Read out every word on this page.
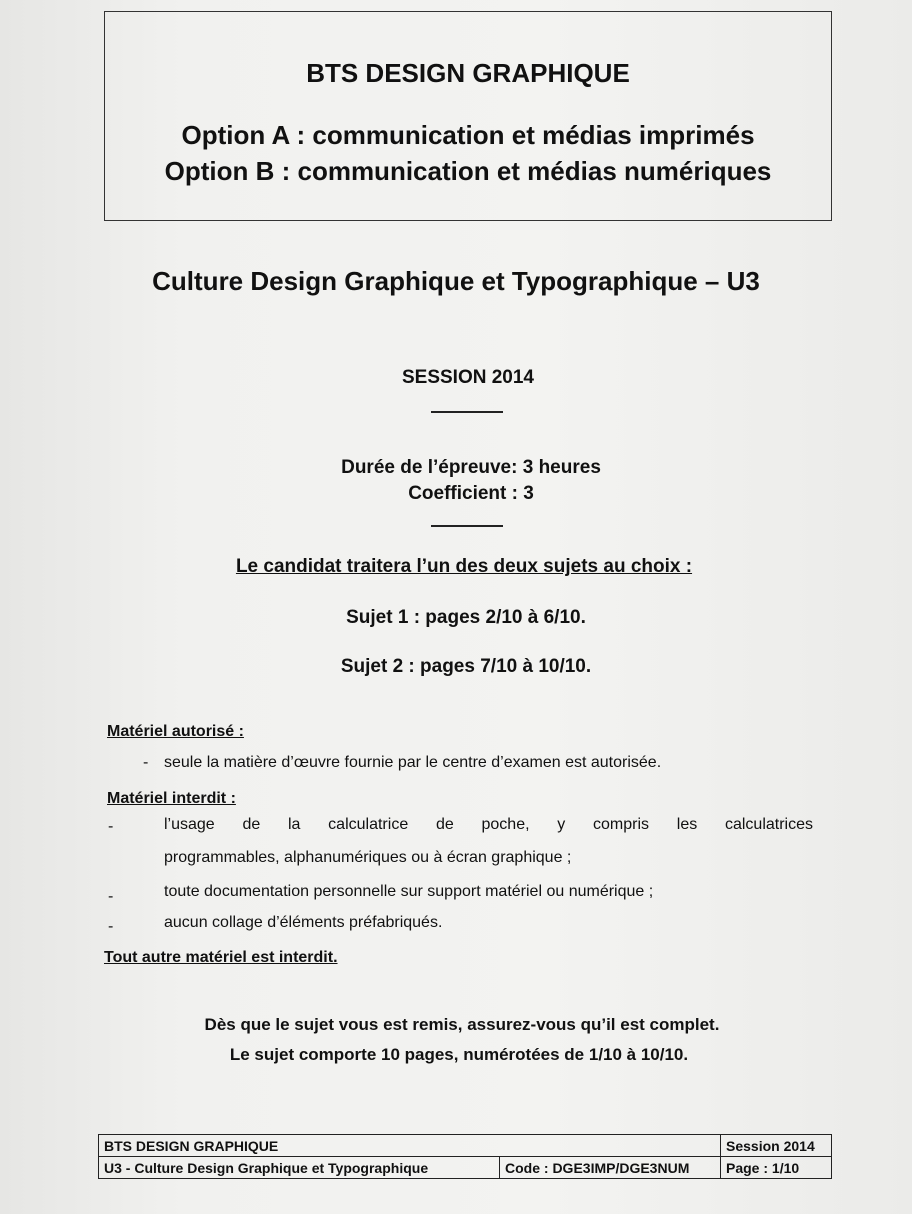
BTS DESIGN GRAPHIQUE
Option A : communication et médias imprimés
Option B : communication et médias numériques
Culture Design Graphique et Typographique – U3
SESSION 2014
Durée de l’épreuve: 3 heures
Coefficient : 3
Le candidat traitera l’un des deux sujets au choix :
Sujet 1 : pages 2/10 à 6/10.
Sujet 2 : pages 7/10 à 10/10.
Matériel autorisé :
- seule la matière d’œuvre fournie par le centre d’examen est autorisée.
Matériel interdit :
-	l’usage de la calculatrice de poche, y compris les calculatrices
programmables, alphanumériques ou à écran graphique ;
-	toute documentation personnelle sur support matériel ou numérique ;
-	aucun collage d’éléments préfabriqués.
Tout autre matériel est interdit.
Dès que le sujet vous est remis, assurez-vous qu’il est complet.
Le sujet comporte 10 pages, numérotées de 1/10 à 10/10.
BTS DESIGN GRAPHIQUE		Session 2014
U3 - Culture Design Graphique et Typographique	Code : DGE3IMP/DGE3NUM	Page : 1/10
